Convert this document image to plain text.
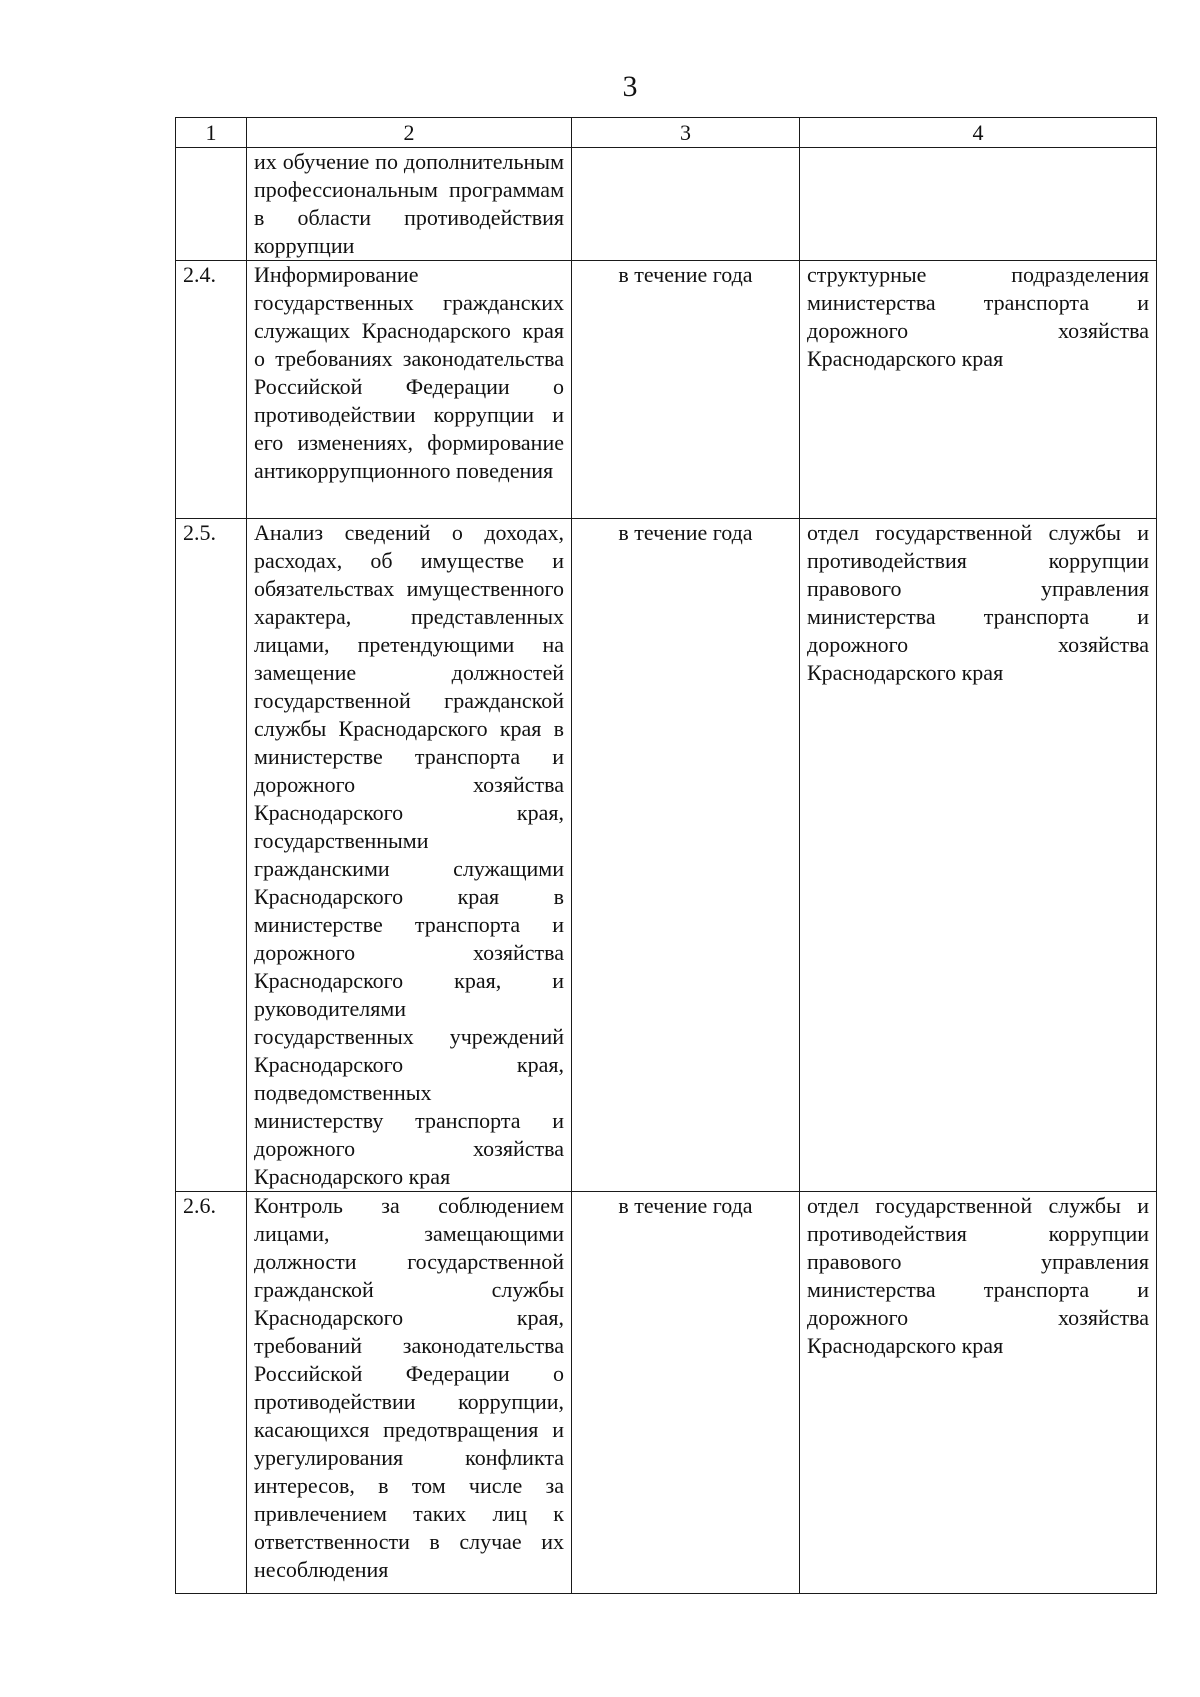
3
1	2	3	4
	их обучение по дополнительным профессиональным программам в области противодействия коррупции		
2.4.	Информирование государственных гражданских служащих Краснодарского края о требованиях законодательства Российской Федерации о противодействии коррупции и его изменениях, формирование антикоррупционного поведения	в течение года	структурные подразделения министерства транспорта и дорожного хозяйства Краснодарского края
2.5.	Анализ сведений о доходах, расходах, об имуществе и обязательствах имущественного характера, представленных лицами, претендующими на замещение должностей государственной гражданской службы Краснодарского края в министерстве транспорта и дорожного хозяйства Краснодарского края, государственными гражданскими служащими Краснодарского края в министерстве транспорта и дорожного хозяйства Краснодарского края, и руководителями государственных учреждений Краснодарского края, подведомственных министерству транспорта и дорожного хозяйства Краснодарского края	в течение года	отдел государственной службы и противодействия коррупции правового управления министерства транспорта и дорожного хозяйства Краснодарского края
2.6.	Контроль за соблюдением лицами, замещающими должности государственной гражданской службы Краснодарского края, требований законодательства Российской Федерации о противодействии коррупции, касающихся предотвращения и урегулирования конфликта интересов, в том числе за привлечением таких лиц к ответственности в случае их несоблюдения	в течение года	отдел государственной службы и противодействия коррупции правового управления министерства транспорта и дорожного хозяйства Краснодарского края
